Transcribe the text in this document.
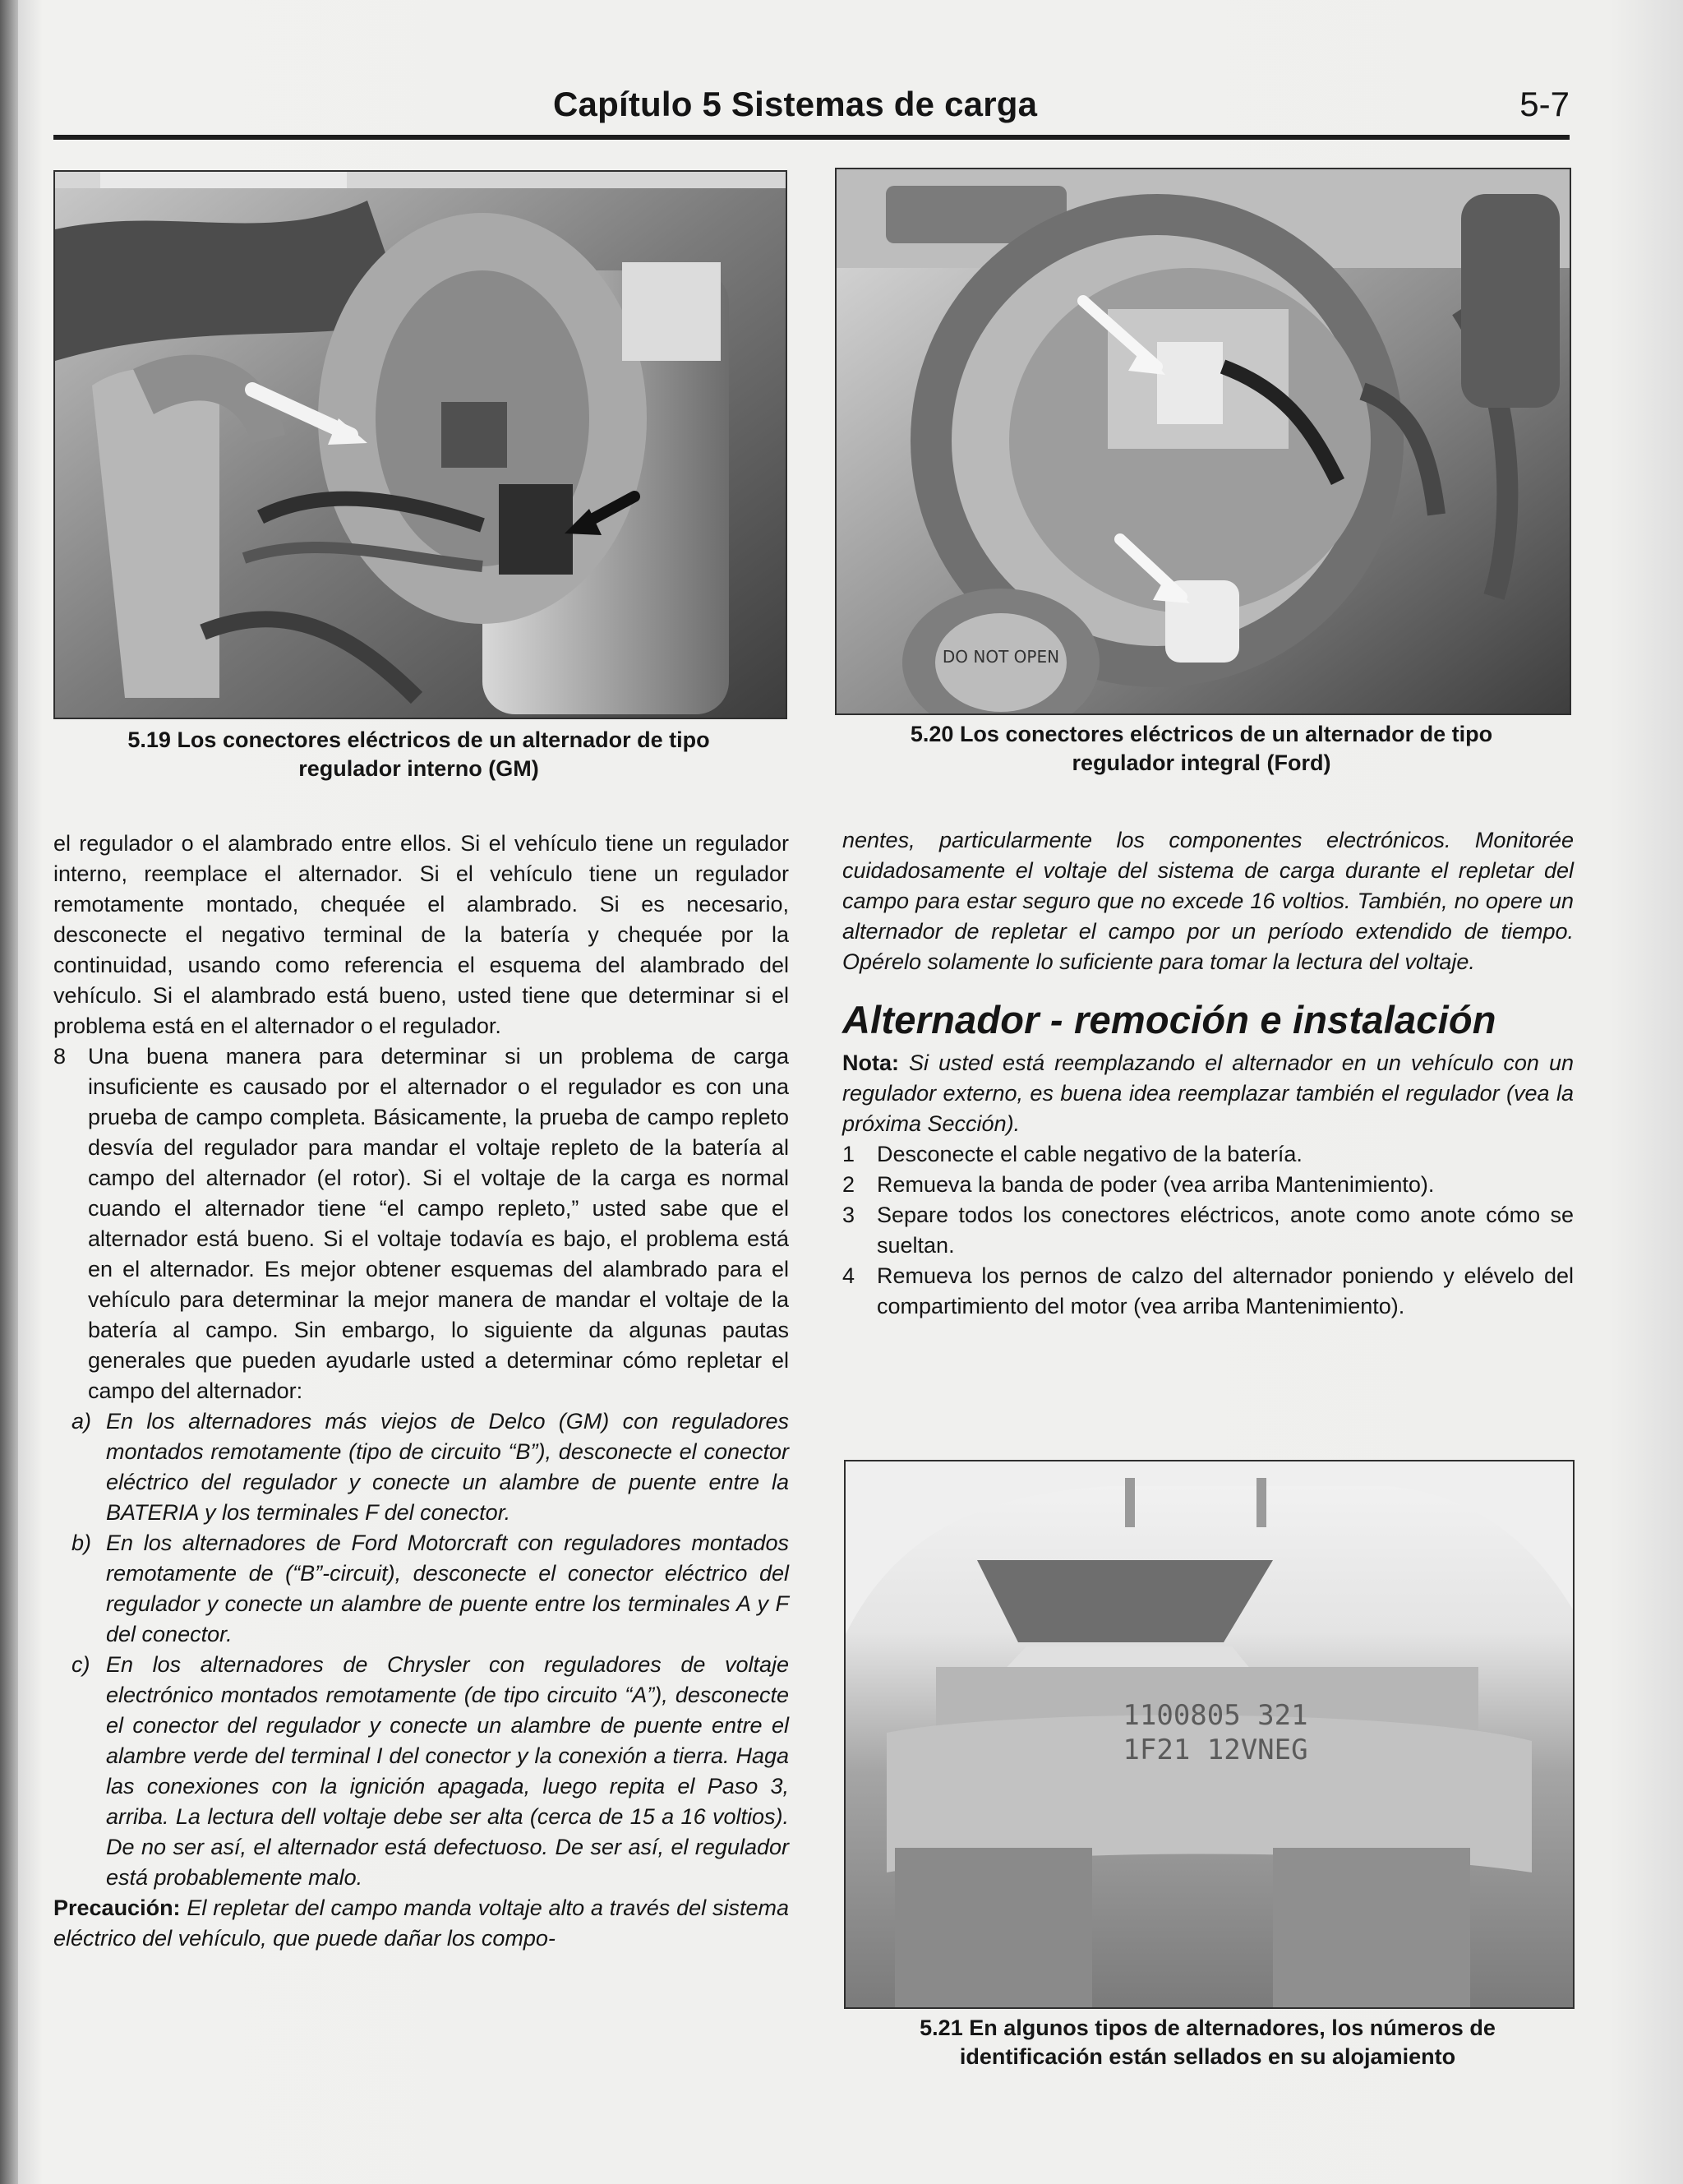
Capítulo 5 Sistemas de carga	5-7
5.19 Los conectores eléctricos de un alternador de tipo
regulador interno (GM)
DO NOT OPEN
5.20 Los conectores eléctricos de un alternador de tipo
regulador integral (Ford)

el regulador o el alambrado entre ellos. Si el vehículo tiene un regulador interno, reemplace el alternador. Si el vehículo tiene un regulador remotamente montado, chequée el alambrado. Si es necesario, desconecte el negativo terminal de la batería y chequée por la continuidad, usando como referencia el esquema del alambrado del vehículo. Si el alambrado está bueno, usted tiene que determinar si el problema está en el alternador o el regulador.

8 Una buena manera para determinar si un problema de carga insuficiente es causado por el alternador o el regulador es con una prueba de campo completa. Básicamente, la prueba de campo repleto desvía del regulador para mandar el voltaje repleto de la batería al campo del alternador (el rotor). Si el voltaje de la carga es normal cuando el alternador tiene “el campo repleto,” usted sabe que el alternador está bueno. Si el voltaje todavía es bajo, el problema está en el alternador. Es mejor obtener esquemas del alambrado para el vehículo para determinar la mejor manera de mandar el voltaje de la batería al campo. Sin embargo, lo siguiente da algunas pautas generales que pueden ayudarle usted a determinar cómo repletar el campo del alternador:
a) En los alternadores más viejos de Delco (GM) con reguladores montados remotamente (tipo de circuito “B”), desconecte el conector eléctrico del regulador y conecte un alambre de puente entre la BATERIA y los terminales F del conector.
b) En los alternadores de Ford Motorcraft con reguladores montados remotamente de (“B”-circuit), desconecte el conector eléctrico del regulador y conecte un alambre de puente entre los terminales A y F del conector.
c) En los alternadores de Chrysler con reguladores de voltaje electrónico montados remotamente (de tipo circuito “A”), desconecte el conector del regulador y conecte un alambre de puente entre el alambre verde del terminal I del conector y la conexión a tierra. Haga las conexiones con la ignición apagada, luego repita el Paso 3, arriba. La lectura dell voltaje debe ser alta (cerca de 15 a 16 voltios). De no ser así, el alternador está defectuoso. De ser así, el regulador está probablemente malo.

Precaución: El repletar del campo manda voltaje alto a través del sistema eléctrico del vehículo, que puede dañar los compo-

nentes, particularmente los componentes electrónicos. Monitorée cuidadosamente el voltaje del sistema de carga durante el repletar del campo para estar seguro que no excede 16 voltios. También, no opere un alternador de repletar el campo por un período extendido de tiempo. Opérelo solamente lo suficiente para tomar la lectura del voltaje.

Alternador - remoción e instalación

Nota: Si usted está reemplazando el alternador en un vehículo con un regulador externo, es buena idea reemplazar también el regulador (vea la próxima Sección).

1 Desconecte el cable negativo de la batería.
2 Remueva la banda de poder (vea arriba Mantenimiento).
3 Separe todos los conectores eléctricos, anote como anote cómo se sueltan.
4 Remueva los pernos de calzo del alternador poniendo y elévelo del compartimiento del motor (vea arriba Mantenimiento).
1100805 321
1F21 12VNEG
5.21 En algunos tipos de alternadores, los números de
identificación están sellados en su alojamiento
